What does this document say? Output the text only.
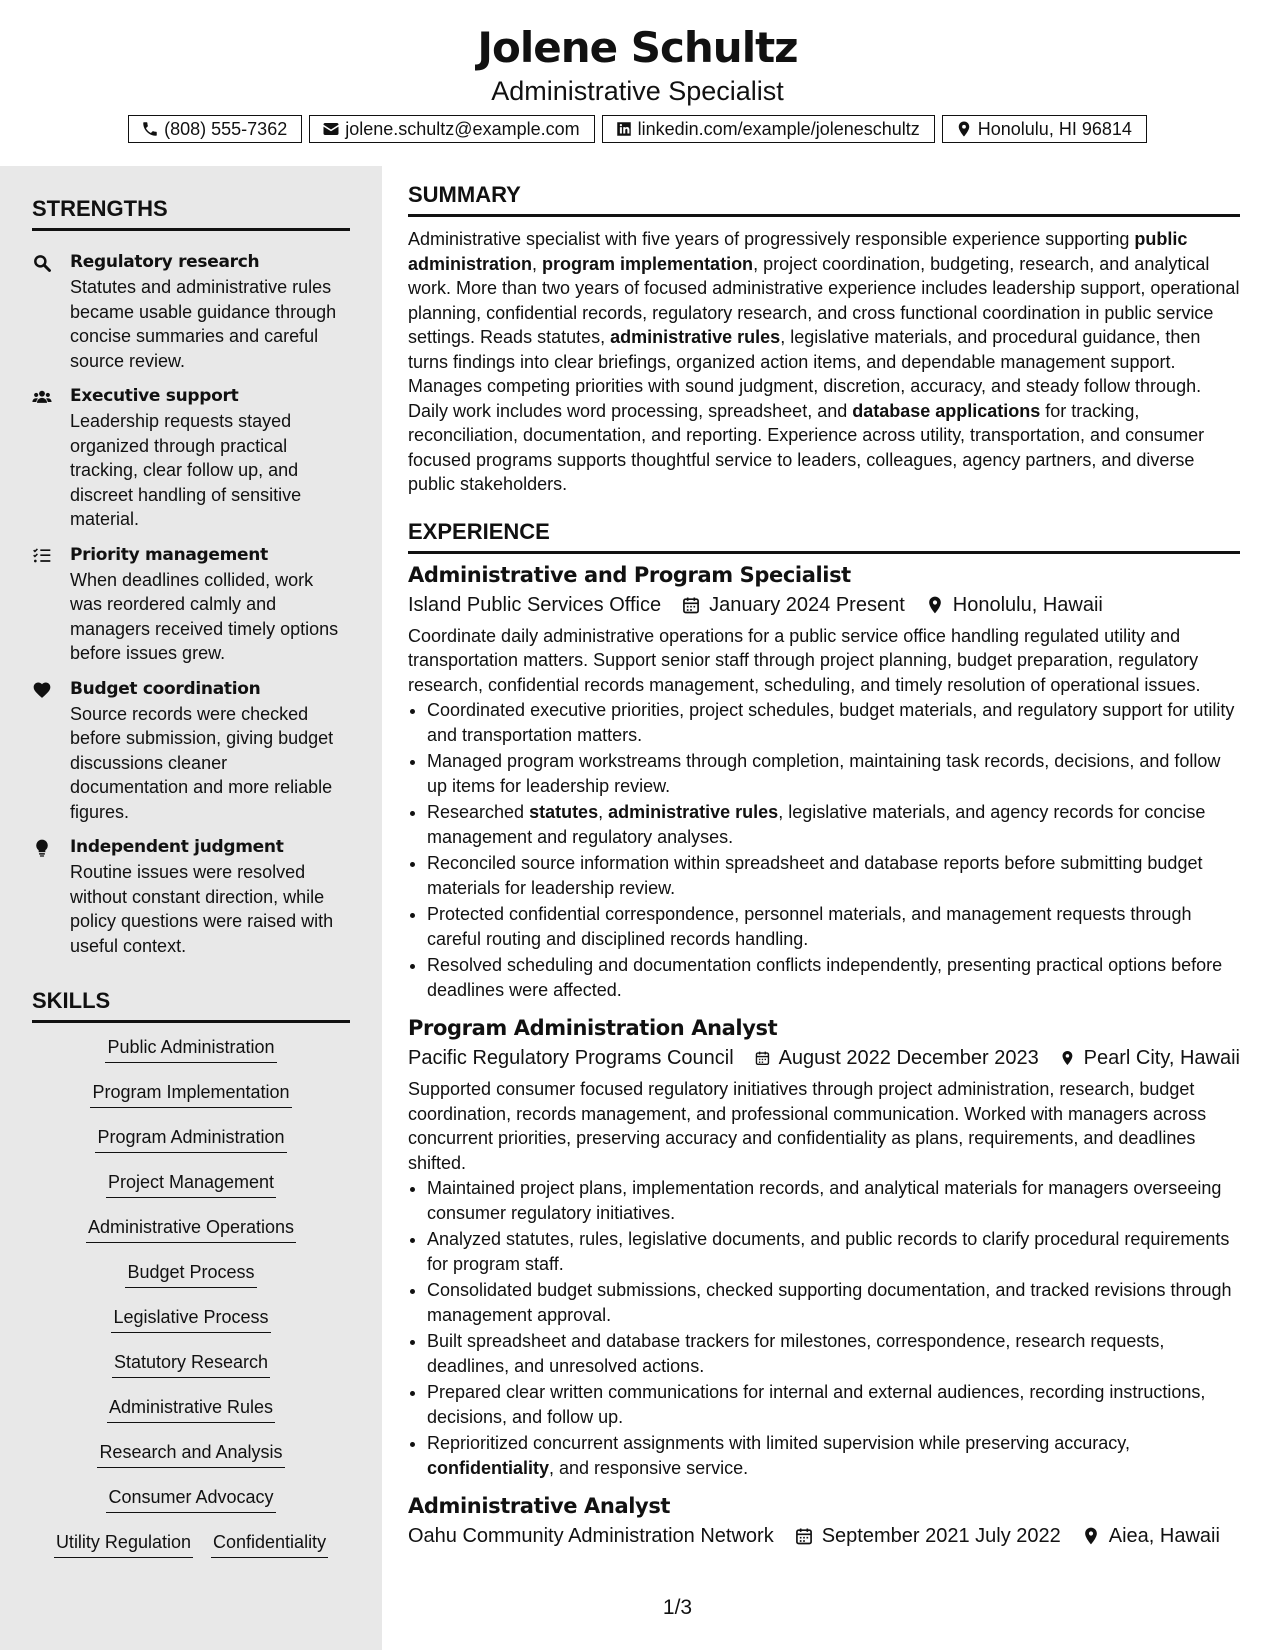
Jolene Schultz
Administrative Specialist
(808) 555-7362	jolene.schultz@example.com	linkedin.com/example/joleneschultz	Honolulu, HI 96814
STRENGTHS
Regulatory research
Statutes and administrative rules became usable guidance through concise summaries and careful source review.
Executive support
Leadership requests stayed organized through practical tracking, clear follow up, and discreet handling of sensitive material.
Priority management
When deadlines collided, work was reordered calmly and managers received timely options before issues grew.
Budget coordination
Source records were checked before submission, giving budget discussions cleaner documentation and more reliable figures.
Independent judgment
Routine issues were resolved without constant direction, while policy questions were raised with useful context.
SKILLS
Public Administration
Program Implementation
Program Administration
Project Management
Administrative Operations
Budget Process
Legislative Process
Statutory Research
Administrative Rules
Research and Analysis
Consumer Advocacy
Utility Regulation Confidentiality
SUMMARY
Administrative specialist with five years of progressively responsible experience supporting public administration, program implementation, project coordination, budgeting, research, and analytical work. More than two years of focused administrative experience includes leadership support, operational planning, confidential records, regulatory research, and cross functional coordination in public service settings. Reads statutes, administrative rules, legislative materials, and procedural guidance, then turns findings into clear briefings, organized action items, and dependable management support. Manages competing priorities with sound judgment, discretion, accuracy, and steady follow through. Daily work includes word processing, spreadsheet, and database applications for tracking, reconciliation, documentation, and reporting. Experience across utility, transportation, and consumer focused programs supports thoughtful service to leaders, colleagues, agency partners, and diverse public stakeholders.
EXPERIENCE
Administrative and Program Specialist
Island Public Services Office January 2024 Present Honolulu, Hawaii
Coordinate daily administrative operations for a public service office handling regulated utility and transportation matters. Support senior staff through project planning, budget preparation, regulatory research, confidential records management, scheduling, and timely resolution of operational issues.
• Coordinated executive priorities, project schedules, budget materials, and regulatory support for utility and transportation matters.
• Managed program workstreams through completion, maintaining task records, decisions, and follow up items for leadership review.
• Researched statutes, administrative rules, legislative materials, and agency records for concise management and regulatory analyses.
• Reconciled source information within spreadsheet and database reports before submitting budget materials for leadership review.
• Protected confidential correspondence, personnel materials, and management requests through careful routing and disciplined records handling.
• Resolved scheduling and documentation conflicts independently, presenting practical options before deadlines were affected.
Program Administration Analyst
Pacific Regulatory Programs Council August 2022 December 2023 Pearl City, Hawaii
Supported consumer focused regulatory initiatives through project administration, research, budget coordination, records management, and professional communication. Worked with managers across concurrent priorities, preserving accuracy and confidentiality as plans, requirements, and deadlines shifted.
• Maintained project plans, implementation records, and analytical materials for managers overseeing consumer regulatory initiatives.
• Analyzed statutes, rules, legislative documents, and public records to clarify procedural requirements for program staff.
• Consolidated budget submissions, checked supporting documentation, and tracked revisions through management approval.
• Built spreadsheet and database trackers for milestones, correspondence, research requests, deadlines, and unresolved actions.
• Prepared clear written communications for internal and external audiences, recording instructions, decisions, and follow up.
• Reprioritized concurrent assignments with limited supervision while preserving accuracy, confidentiality, and responsive service.
Administrative Analyst
Oahu Community Administration Network September 2021 July 2022 Aiea, Hawaii
1/3
